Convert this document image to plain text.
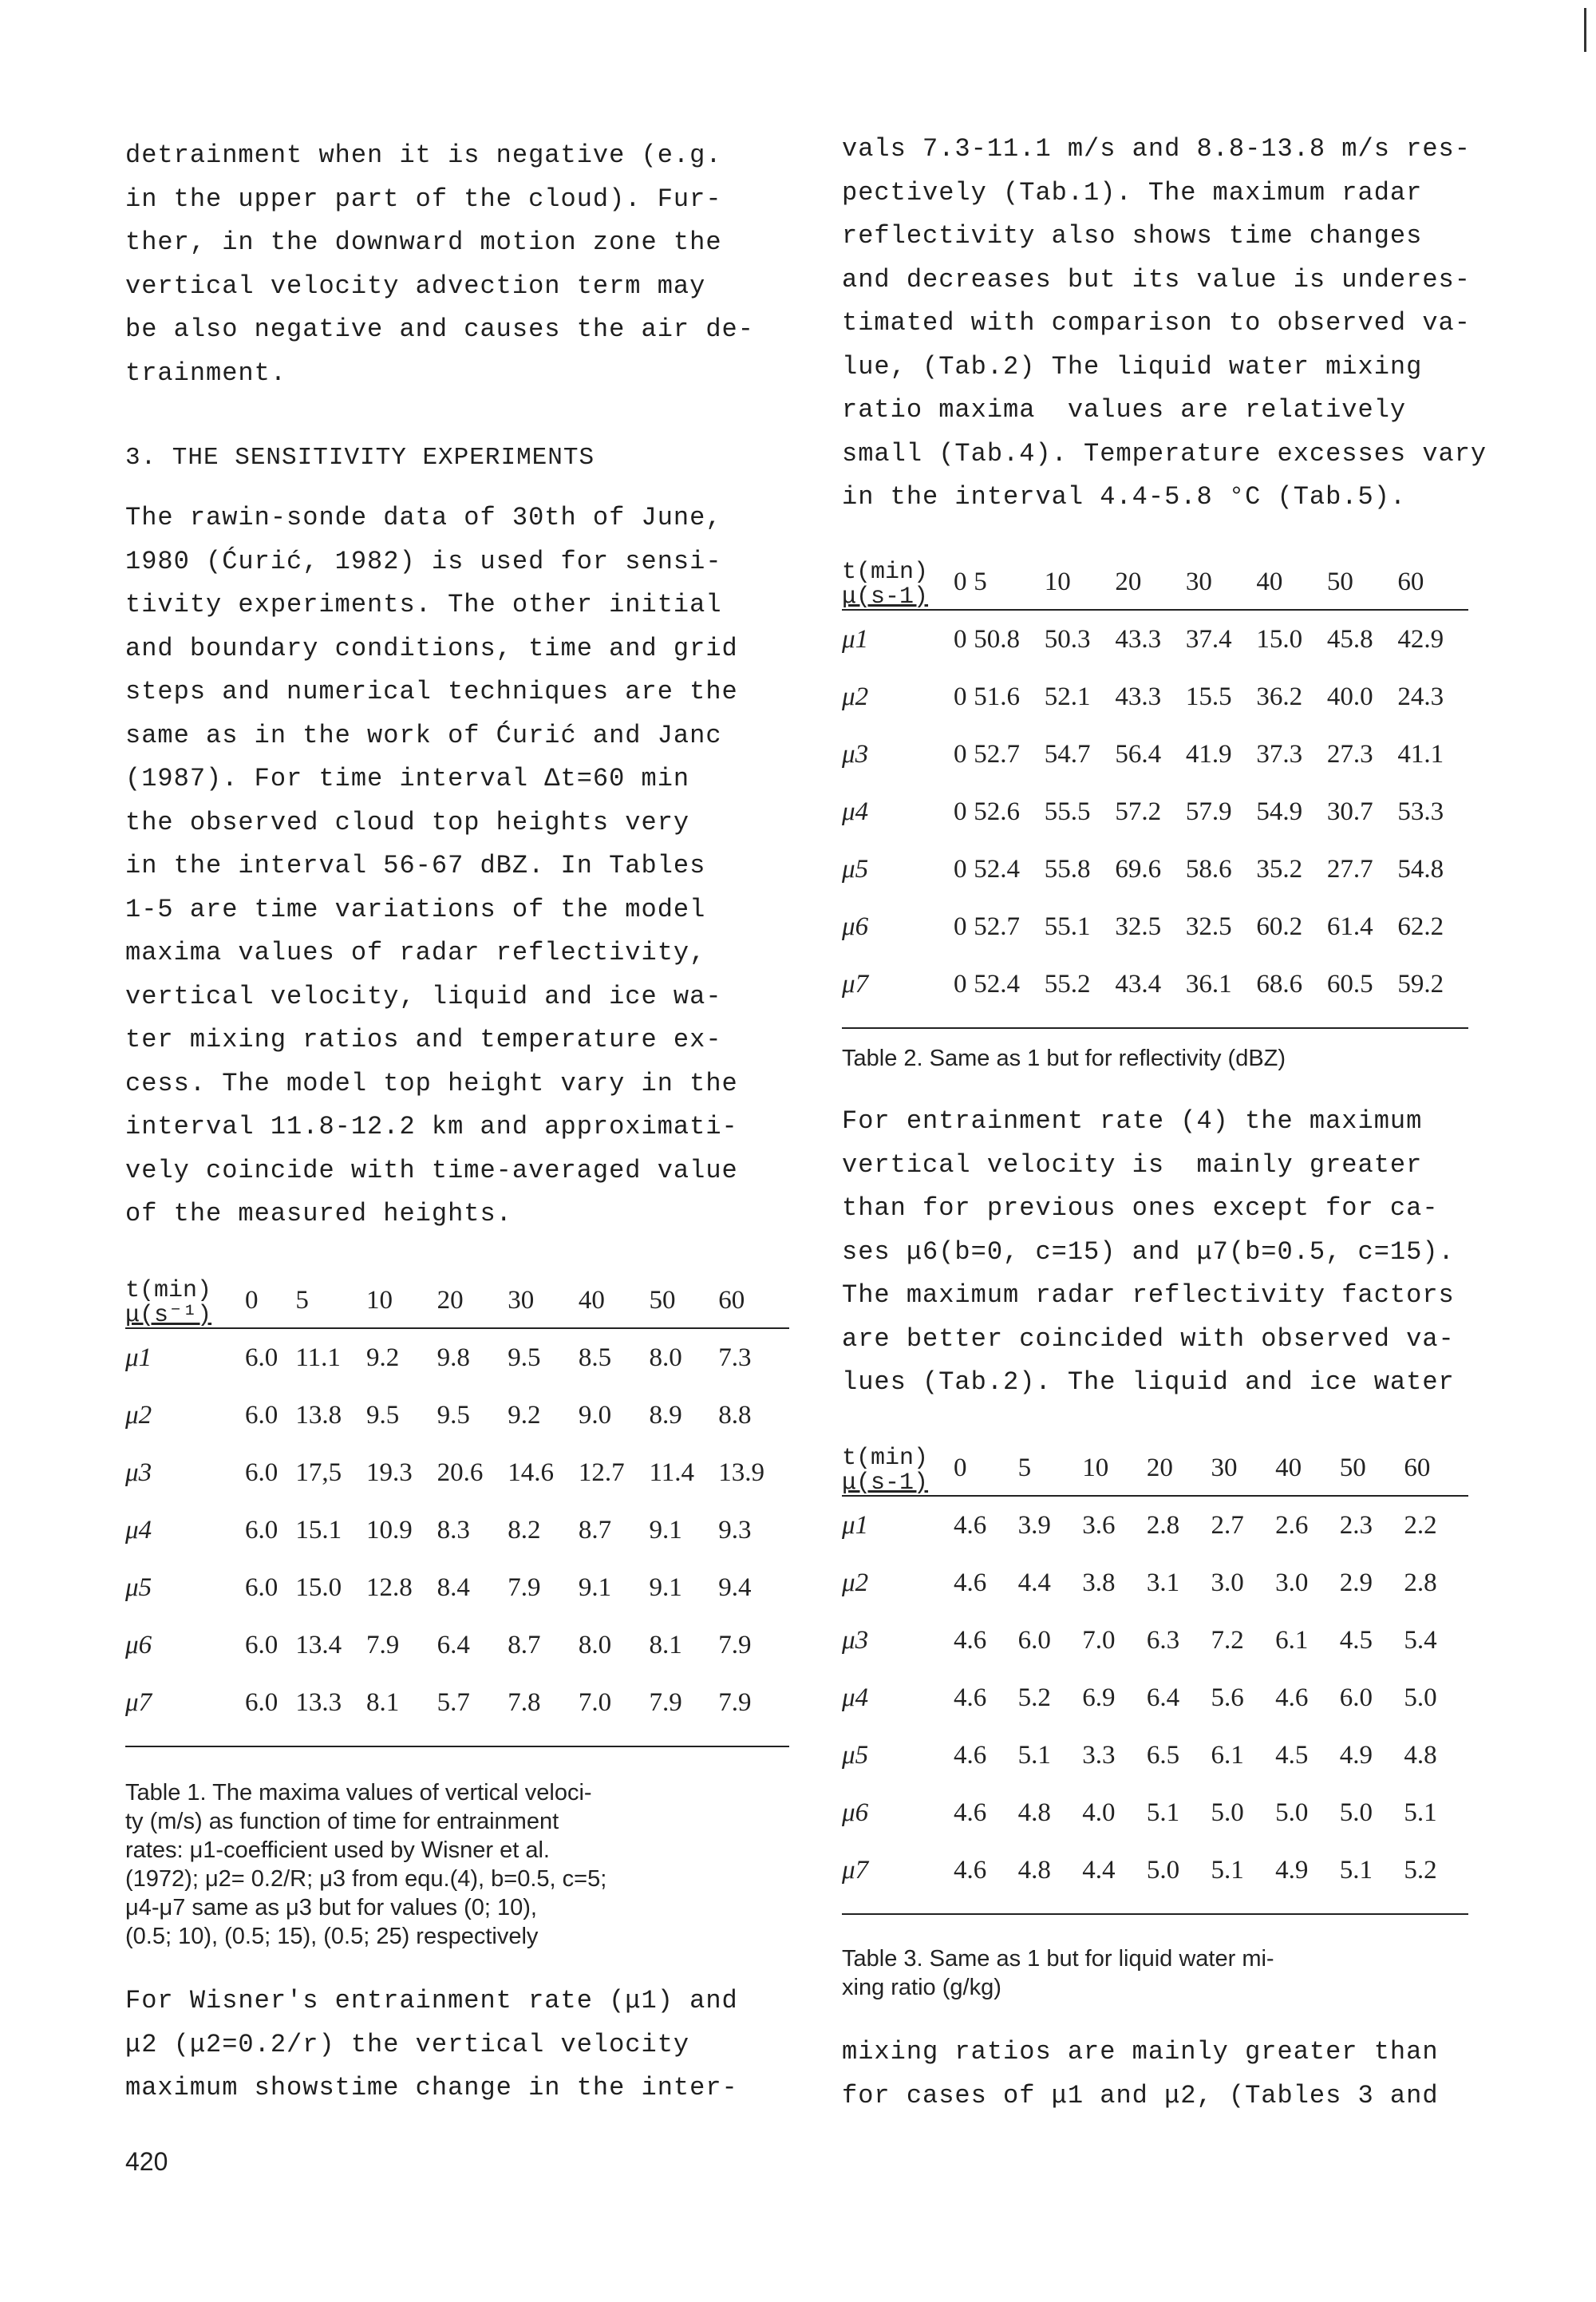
detrainment when it is negative (e.g.
in the upper part of the cloud). Fur-
ther, in the downward motion zone the
vertical velocity advection term may
be also negative and causes the air de-
trainment.

3. THE SENSITIVITY EXPERIMENTS

The rawin-sonde data of 30th of June,
1980 (Ćurić, 1982) is used for sensi-
tivity experiments. The other initial
and boundary conditions, time and grid
steps and numerical techniques are the
same as in the work of Ćurić and Janc
(1987). For time interval Δt=60 min
the observed cloud top heights very
in the interval 56-67 dBZ. In Tables
1-5 are time variations of the model
maxima values of radar reflectivity,
vertical velocity, liquid and ice wa-
ter mixing ratios and temperature ex-
cess. The model top height vary in the
interval 11.8-12.2 km and approximati-
vely coincide with time-averaged value
of the measured heights.

t(min)
μ(s⁻¹)	0	5	10	20	30	40	50	60
μ1	6.0	11.1	9.2	9.8	9.5	8.5	8.0	7.3
μ2	6.0	13.8	9.5	9.5	9.2	9.0	8.9	8.8
μ3	6.0	17,5	19.3	20.6	14.6	12.7	11.4	13.9
μ4	6.0	15.1	10.9	8.3	8.2	8.7	9.1	9.3
μ5	6.0	15.0	12.8	8.4	7.9	9.1	9.1	9.4
μ6	6.0	13.4	7.9	6.4	8.7	8.0	8.1	7.9
μ7	6.0	13.3	8.1	5.7	7.8	7.0	7.9	7.9

Table 1. The maxima values of vertical veloci-
ty (m/s) as function of time for entrainment
rates: μ1-coefficient used by Wisner et al.
(1972); μ2= 0.2/R; μ3 from equ.(4), b=0.5, c=5;
μ4-μ7 same as μ3 but for values (0; 10),
(0.5; 10), (0.5; 15), (0.5; 25) respectively

For Wisner's entrainment rate (μ1) and
μ2 (μ2=0.2/r) the vertical velocity
maximum showstime change in the inter-

vals 7.3-11.1 m/s and 8.8-13.8 m/s res-
pectively (Tab.1). The maximum radar
reflectivity also shows time changes
and decreases but its value is underes-
timated with comparison to observed va-
lue, (Tab.2) The liquid water mixing
ratio maxima  values are relatively
small (Tab.4). Temperature excesses vary
in the interval 4.4-5.8 °C (Tab.5).

t(min)
μ(s-1)	0	5	10	20	30	40	50	60
μ1	0	50.8	50.3	43.3	37.4	15.0	45.8	42.9
μ2	0	51.6	52.1	43.3	15.5	36.2	40.0	24.3
μ3	0	52.7	54.7	56.4	41.9	37.3	27.3	41.1
μ4	0	52.6	55.5	57.2	57.9	54.9	30.7	53.3
μ5	0	52.4	55.8	69.6	58.6	35.2	27.7	54.8
μ6	0	52.7	55.1	32.5	32.5	60.2	61.4	62.2
μ7	0	52.4	55.2	43.4	36.1	68.6	60.5	59.2

Table 2. Same as 1 but for reflectivity (dBZ)

For entrainment rate (4) the maximum
vertical velocity is  mainly greater
than for previous ones except for ca-
ses μ6(b=0, c=15) and μ7(b=0.5, c=15).
The maximum radar reflectivity factors
are better coincided with observed va-
lues (Tab.2). The liquid and ice water

t(min)
μ(s-1)	0	5	10	20	30	40	50	60
μ1	4.6	3.9	3.6	2.8	2.7	2.6	2.3	2.2
μ2	4.6	4.4	3.8	3.1	3.0	3.0	2.9	2.8
μ3	4.6	6.0	7.0	6.3	7.2	6.1	4.5	5.4
μ4	4.6	5.2	6.9	6.4	5.6	4.6	6.0	5.0
μ5	4.6	5.1	3.3	6.5	6.1	4.5	4.9	4.8
μ6	4.6	4.8	4.0	5.1	5.0	5.0	5.0	5.1
μ7	4.6	4.8	4.4	5.0	5.1	4.9	5.1	5.2

Table 3. Same as 1 but for liquid water mi-
xing ratio (g/kg)

mixing ratios are mainly greater than
for cases of μ1 and μ2, (Tables 3 and

420
